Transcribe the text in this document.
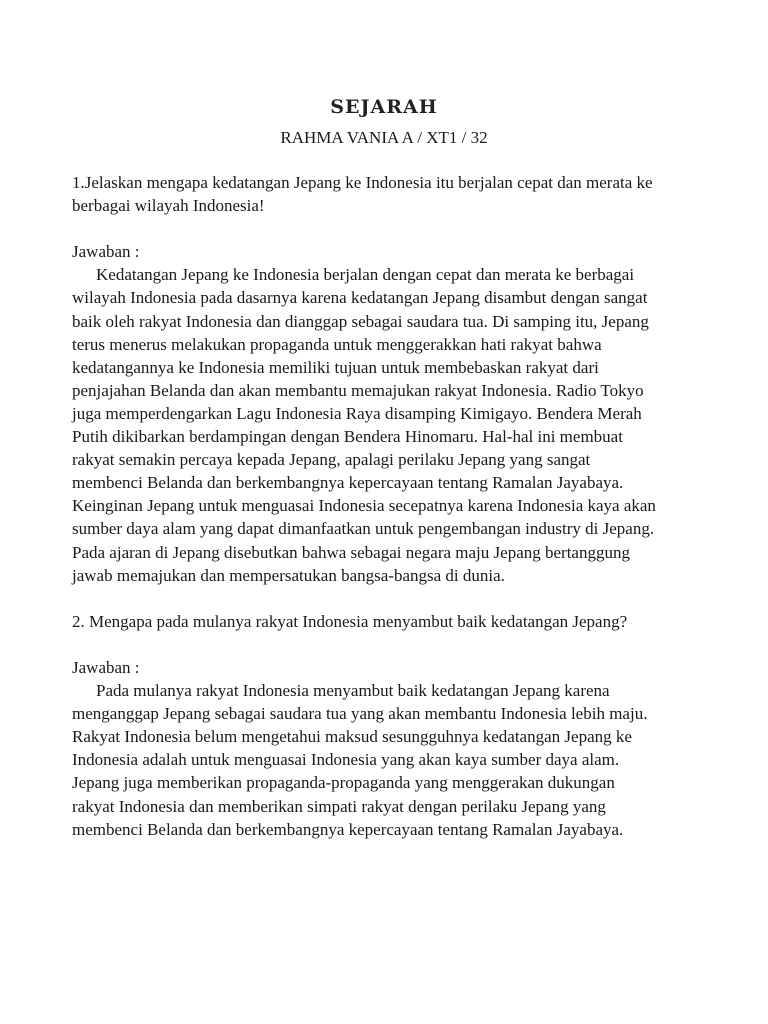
SEJARAH
RAHMA VANIA A / XT1 / 32
1.Jelaskan mengapa kedatangan Jepang ke Indonesia itu berjalan cepat dan merata ke
berbagai wilayah Indonesia!
Jawaban :
Kedatangan Jepang ke Indonesia berjalan dengan cepat dan merata ke berbagai
wilayah Indonesia pada dasarnya karena kedatangan Jepang disambut dengan sangat
baik oleh rakyat Indonesia dan dianggap sebagai saudara tua. Di samping itu, Jepang
terus menerus melakukan propaganda untuk menggerakkan hati rakyat bahwa
kedatangannya ke Indonesia memiliki tujuan untuk membebaskan rakyat dari
penjajahan Belanda dan akan membantu memajukan rakyat Indonesia. Radio Tokyo
juga memperdengarkan Lagu Indonesia Raya disamping Kimigayo. Bendera Merah
Putih dikibarkan berdampingan dengan Bendera Hinomaru. Hal-hal ini membuat
rakyat semakin percaya kepada Jepang, apalagi perilaku Jepang yang sangat
membenci Belanda dan berkembangnya kepercayaan tentang Ramalan Jayabaya.
Keinginan Jepang untuk menguasai Indonesia secepatnya karena Indonesia kaya akan
sumber daya alam yang dapat dimanfaatkan untuk pengembangan industry di Jepang.
Pada ajaran di Jepang disebutkan bahwa sebagai negara maju Jepang bertanggung
jawab memajukan dan mempersatukan bangsa-bangsa di dunia.
2. Mengapa pada mulanya rakyat Indonesia menyambut baik kedatangan Jepang?
Jawaban :
Pada mulanya rakyat Indonesia menyambut baik kedatangan Jepang karena
menganggap Jepang sebagai saudara tua yang akan membantu Indonesia lebih maju.
Rakyat Indonesia belum mengetahui maksud sesungguhnya kedatangan Jepang ke
Indonesia adalah untuk menguasai Indonesia yang akan kaya sumber daya alam.
Jepang juga memberikan propaganda-propaganda yang menggerakan dukungan
rakyat Indonesia dan memberikan simpati rakyat dengan perilaku Jepang yang
membenci Belanda dan berkembangnya kepercayaan tentang Ramalan Jayabaya.
